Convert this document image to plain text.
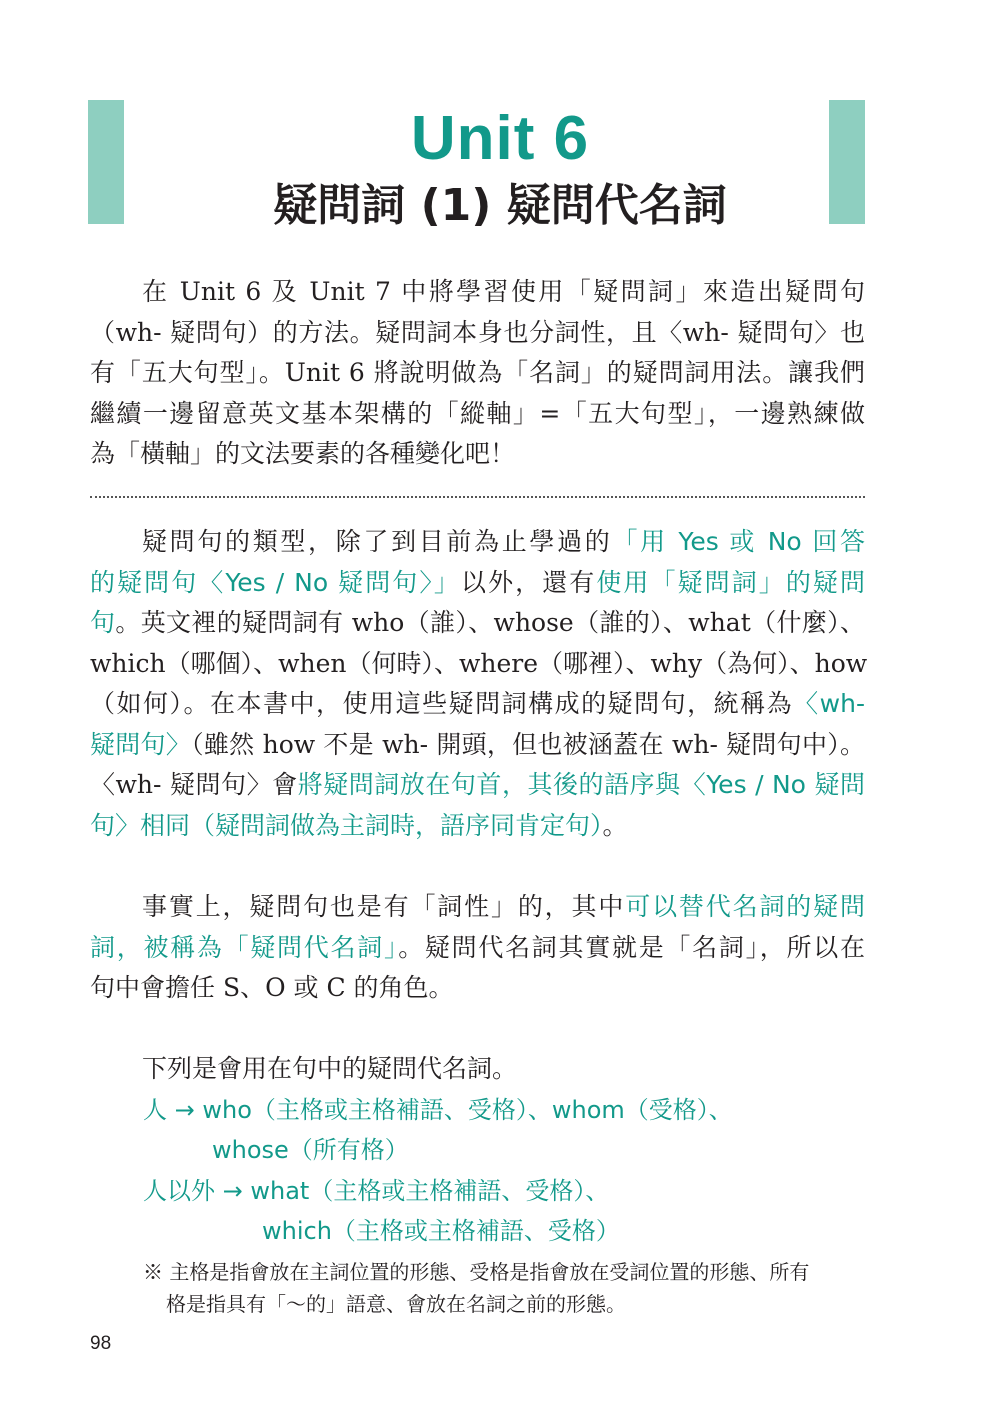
Unit 6
疑問詞 (1) 疑問代名詞
在 Unit 6 及 Unit 7 中將學習使用「疑問詞」來造出疑問句
（wh- 疑問句）的方法。疑問詞本身也分詞性，且〈wh- 疑問句〉也
有「五大句型」。Unit 6 將說明做為「名詞」的疑問詞用法。讓我們
繼續一邊留意英文基本架構的「縱軸」=「五大句型」，一邊熟練做
為「橫軸」的文法要素的各種變化吧！
疑問句的類型，除了到目前為止學過的「用 Yes 或 No 回答
的疑問句〈Yes / No 疑問句〉」以外，還有使用「疑問詞」的疑問
句。英文裡的疑問詞有 who（誰）、whose（誰的）、what（什麼）、
which（哪個）、when（何時）、where（哪裡）、why（為何）、how
（如何）。在本書中，使用這些疑問詞構成的疑問句，統稱為〈wh-
疑問句〉（雖然 how 不是 wh- 開頭，但也被涵蓋在 wh- 疑問句中）。
〈wh- 疑問句〉會將疑問詞放在句首，其後的語序與〈Yes / No 疑問
句〉相同（疑問詞做為主詞時，語序同肯定句）。
事實上，疑問句也是有「詞性」的，其中可以替代名詞的疑問
詞，被稱為「疑問代名詞」。疑問代名詞其實就是「名詞」，所以在
句中會擔任 S、O 或 C 的角色。
下列是會用在句中的疑問代名詞。
人 → who（主格或主格補語、受格）、whom（受格）、
whose（所有格）
人以外 → what（主格或主格補語、受格）、
which（主格或主格補語、受格）
※ 主格是指會放在主詞位置的形態、受格是指會放在受詞位置的形態、所有
格是指具有「～的」語意、會放在名詞之前的形態。
98
